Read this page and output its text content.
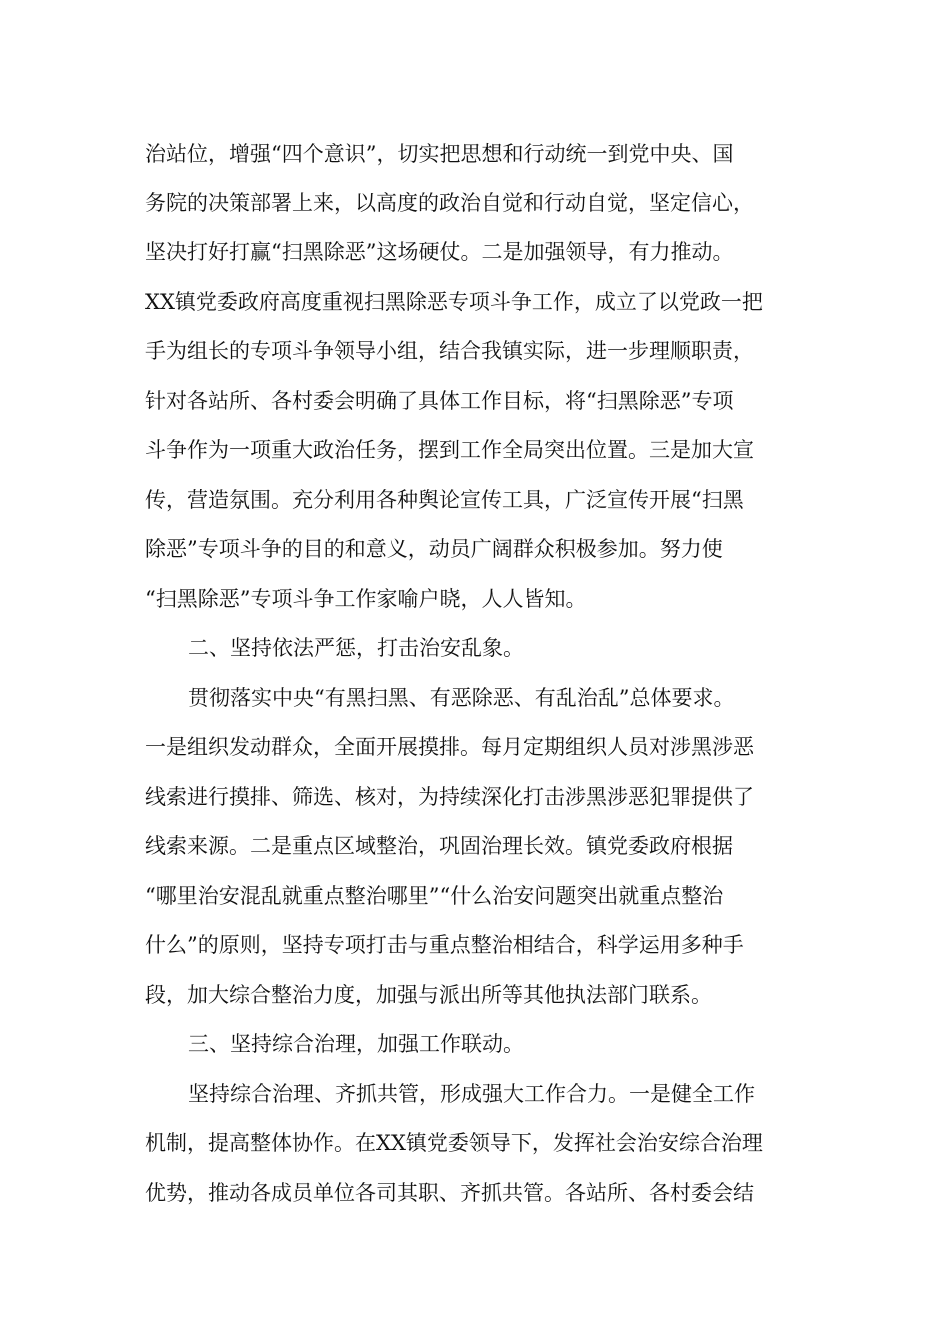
治站位，增强“四个意识”，切实把思想和行动统一到党中央、国
务院的决策部署上来，以高度的政治自觉和行动自觉，坚定信心，
坚决打好打赢“扫黑除恶”这场硬仗。二是加强领导，有力推动。
XX镇党委政府高度重视扫黑除恶专项斗争工作，成立了以党政一把
手为组长的专项斗争领导小组，结合我镇实际，进一步理顺职责，
针对各站所、各村委会明确了具体工作目标，将“扫黑除恶”专项
斗争作为一项重大政治任务，摆到工作全局突出位置。三是加大宣
传，营造氛围。充分利用各种舆论宣传工具，广泛宣传开展“扫黑
除恶”专项斗争的目的和意义，动员广阔群众积极参加。努力使
“扫黑除恶”专项斗争工作家喻户晓，人人皆知。
二、坚持依法严惩，打击治安乱象。
贯彻落实中央“有黑扫黑、有恶除恶、有乱治乱”总体要求。
一是组织发动群众，全面开展摸排。每月定期组织人员对涉黑涉恶
线索进行摸排、筛选、核对，为持续深化打击涉黑涉恶犯罪提供了
线索来源。二是重点区域整治，巩固治理长效。镇党委政府根据
“哪里治安混乱就重点整治哪里”“什么治安问题突出就重点整治
什么”的原则，坚持专项打击与重点整治相结合，科学运用多种手
段，加大综合整治力度，加强与派出所等其他执法部门联系。
三、坚持综合治理，加强工作联动。
坚持综合治理、齐抓共管，形成强大工作合力。一是健全工作
机制，提高整体协作。在XX镇党委领导下，发挥社会治安综合治理
优势，推动各成员单位各司其职、齐抓共管。各站所、各村委会结
